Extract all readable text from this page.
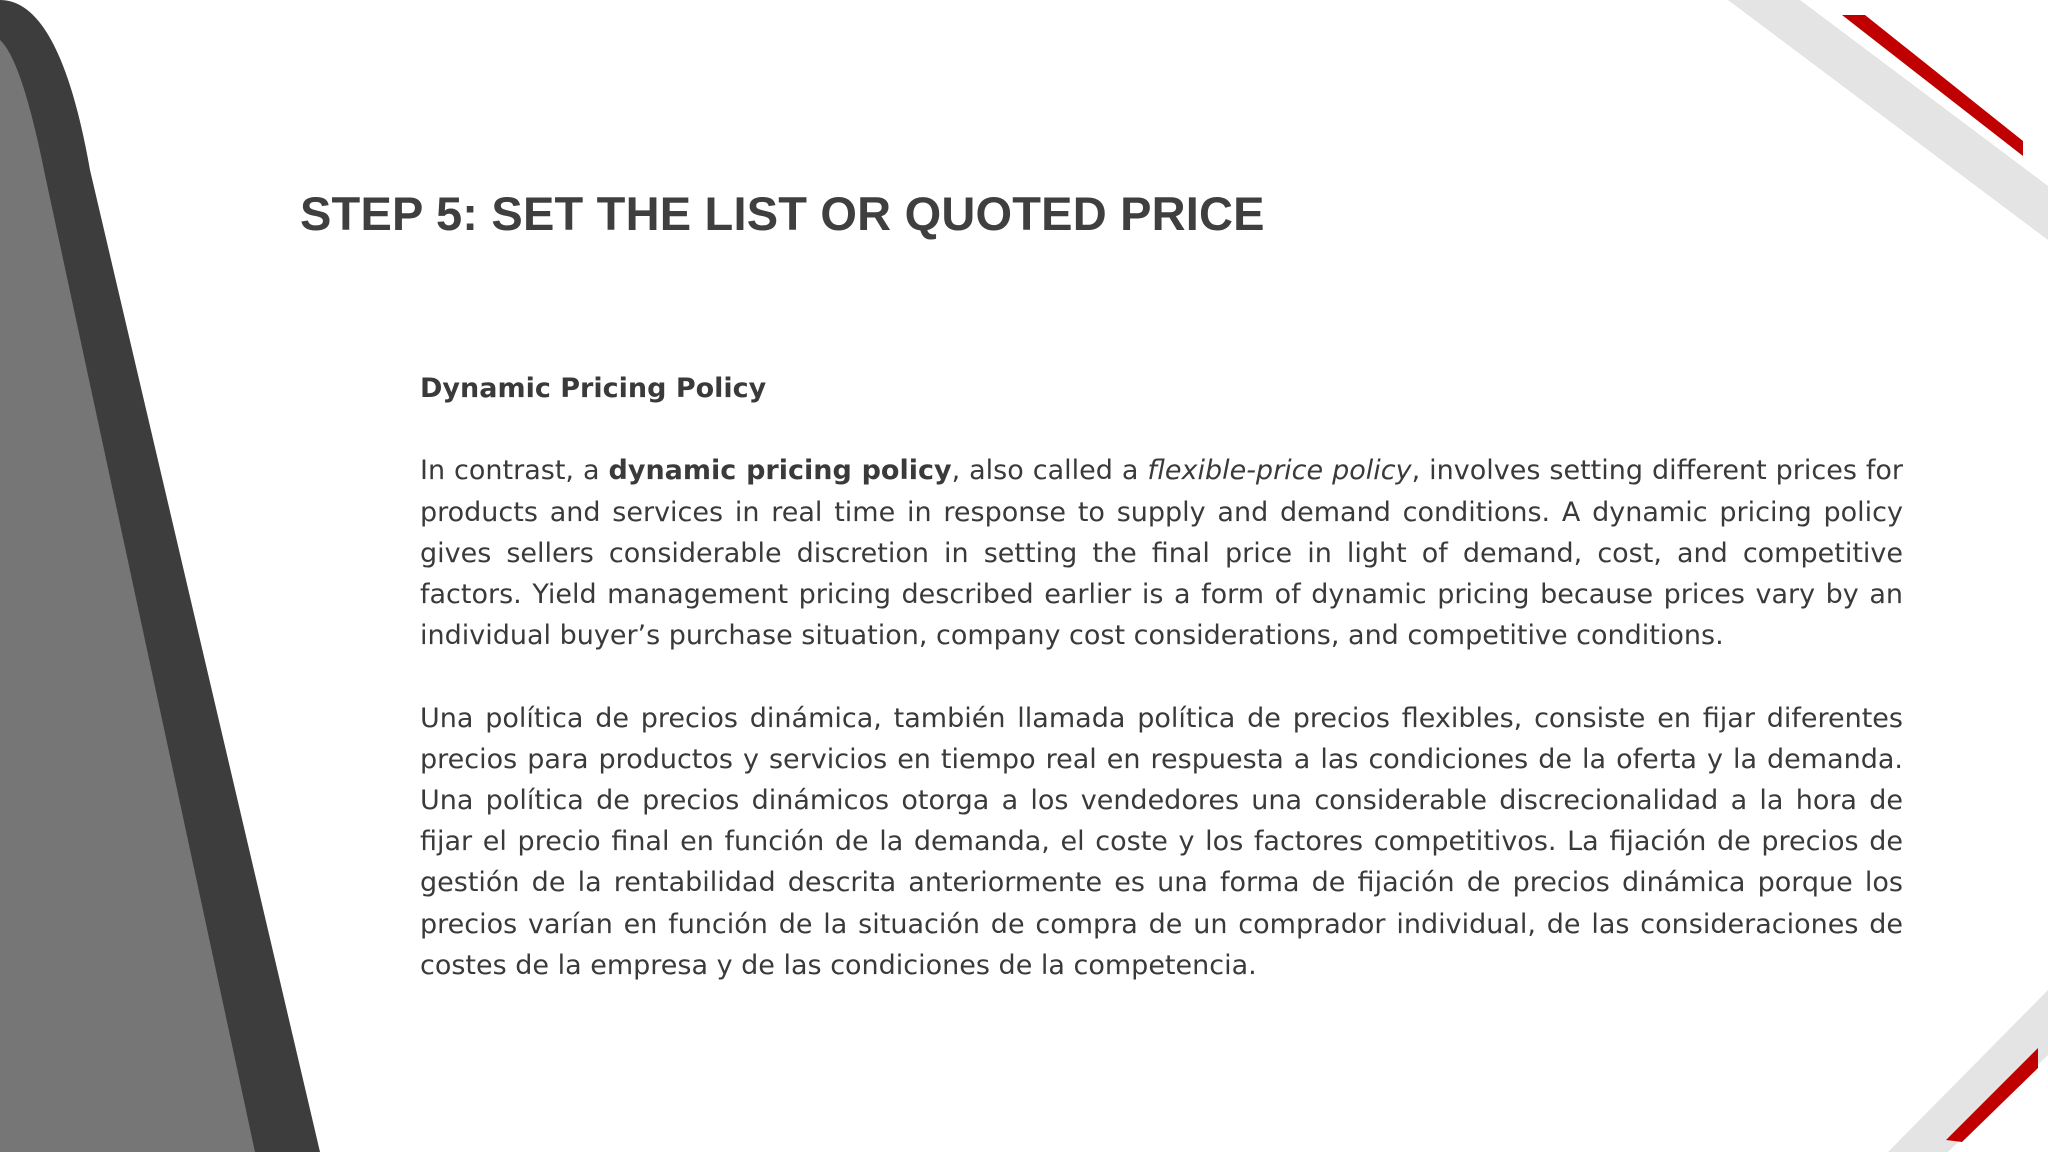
STEP 5: SET THE LIST OR QUOTED PRICE

Dynamic Pricing Policy

In contrast, a dynamic pricing policy, also called a flexible-price policy, involves setting different prices for products and services in real time in response to supply and demand conditions. A dynamic pricing policy gives sellers considerable discretion in setting the final price in light of demand, cost, and competitive factors. Yield management pricing described earlier is a form of dynamic pricing because prices vary by an individual buyer’s purchase situation, company cost considerations, and competitive conditions.

Una política de precios dinámica, también llamada política de precios flexibles, consiste en fijar diferentes precios para productos y servicios en tiempo real en respuesta a las condiciones de la oferta y la demanda. Una política de precios dinámicos otorga a los vendedores una considerable discrecionalidad a la hora de fijar el precio final en función de la demanda, el coste y los factores competitivos. La fijación de precios de gestión de la rentabilidad descrita anteriormente es una forma de fijación de precios dinámica porque los precios varían en función de la situación de compra de un comprador individual, de las consideraciones de costes de la empresa y de las condiciones de la competencia.
